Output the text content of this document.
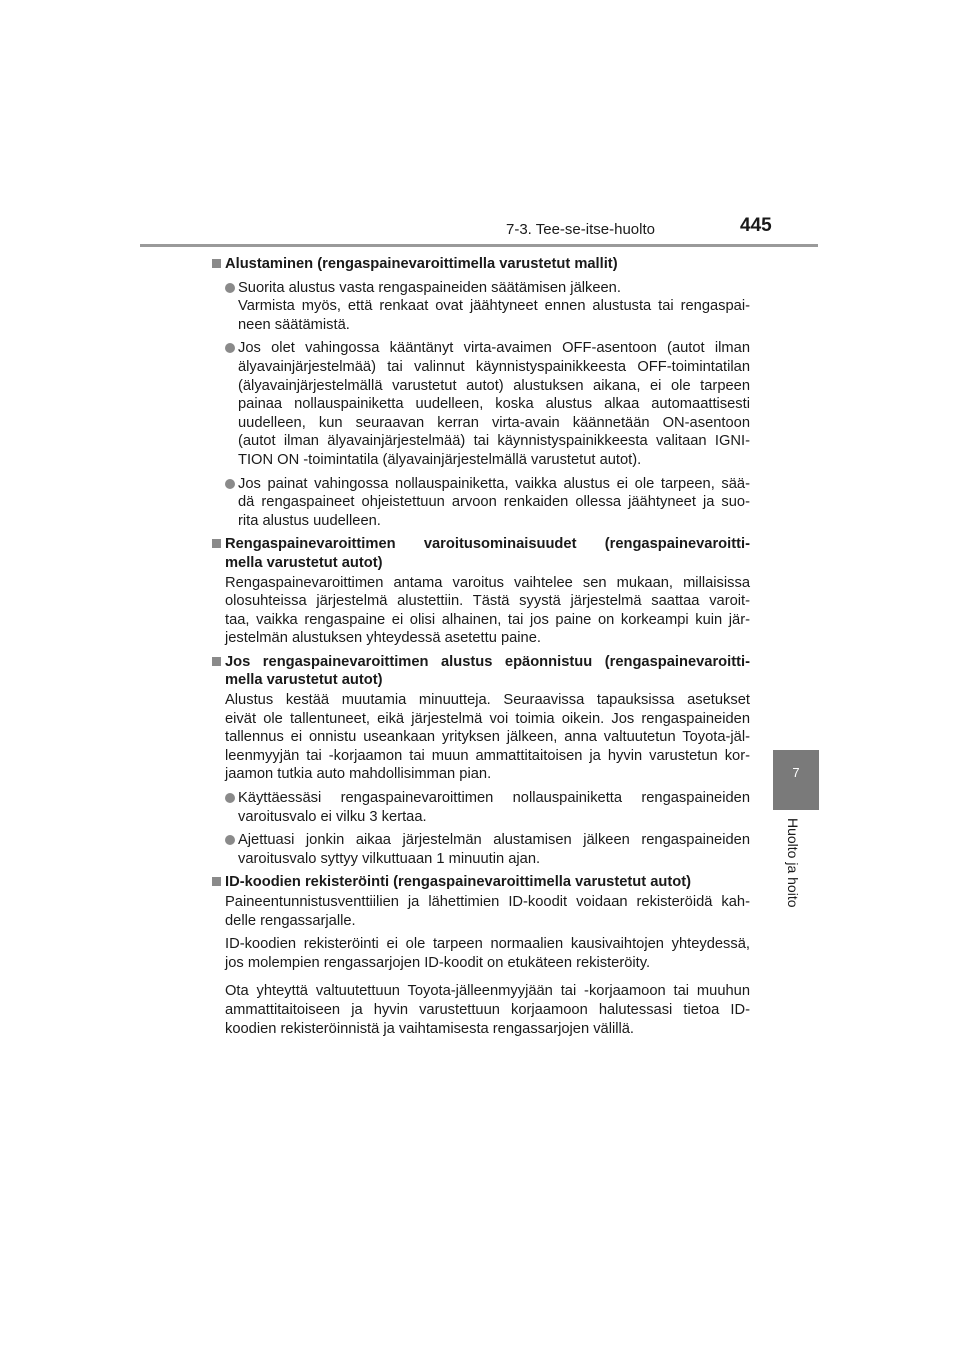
7-3. Tee-se-itse-huolto	445
7
Huolto ja hoito
Alustaminen (rengaspainevaroittimella varustetut mallit)
Suorita alustus vasta rengaspaineiden säätämisen jälkeen.
Varmista myös, että renkaat ovat jäähtyneet ennen alustusta tai rengaspai-
neen säätämistä.
Jos olet vahingossa kääntänyt virta-avaimen OFF-asentoon (autot ilman
älyavainjärjestelmää) tai valinnut käynnistyspainikkeesta OFF-toimintatilan
(älyavainjärjestelmällä varustetut autot) alustuksen aikana, ei ole tarpeen
painaa nollauspainiketta uudelleen, koska alustus alkaa automaattisesti
uudelleen, kun seuraavan kerran virta-avain käännetään ON-asentoon
(autot ilman älyavainjärjestelmää) tai käynnistyspainikkeesta valitaan IGNI-
TION ON -toimintatila (älyavainjärjestelmällä varustetut autot).
Jos painat vahingossa nollauspainiketta, vaikka alustus ei ole tarpeen, sää-
dä rengaspaineet ohjeistettuun arvoon renkaiden ollessa jäähtyneet ja suo-
rita alustus uudelleen.
Rengaspainevaroittimen varoitusominaisuudet (rengaspainevaroitti-
mella varustetut autot)
Rengaspainevaroittimen antama varoitus vaihtelee sen mukaan, millaisissa
olosuhteissa järjestelmä alustettiin. Tästä syystä järjestelmä saattaa varoit-
taa, vaikka rengaspaine ei olisi alhainen, tai jos paine on korkeampi kuin jär-
jestelmän alustuksen yhteydessä asetettu paine.
Jos rengaspainevaroittimen alustus epäonnistuu (rengaspainevaroitti-
mella varustetut autot)
Alustus kestää muutamia minuutteja. Seuraavissa tapauksissa asetukset
eivät ole tallentuneet, eikä järjestelmä voi toimia oikein. Jos rengaspaineiden
tallennus ei onnistu useankaan yrityksen jälkeen, anna valtuutetun Toyota-jäl-
leenmyyjän tai -korjaamon tai muun ammattitaitoisen ja hyvin varustetun kor-
jaamon tutkia auto mahdollisimman pian.
Käyttäessäsi rengaspainevaroittimen nollauspainiketta rengaspaineiden
varoitusvalo ei vilku 3 kertaa.
Ajettuasi jonkin aikaa järjestelmän alustamisen jälkeen rengaspaineiden
varoitusvalo syttyy vilkuttuaan 1 minuutin ajan.
ID-koodien rekisteröinti (rengaspainevaroittimella varustetut autot)
Paineentunnistusventtiilien ja lähettimien ID-koodit voidaan rekisteröidä kah-
delle rengassarjalle.
ID-koodien rekisteröinti ei ole tarpeen normaalien kausivaihtojen yhteydessä,
jos molempien rengassarjojen ID-koodit on etukäteen rekisteröity.
Ota yhteyttä valtuutettuun Toyota-jälleenmyyjään tai -korjaamoon tai muuhun
ammattitaitoiseen ja hyvin varustettuun korjaamoon halutessasi tietoa ID-
koodien rekisteröinnistä ja vaihtamisesta rengassarjojen välillä.
